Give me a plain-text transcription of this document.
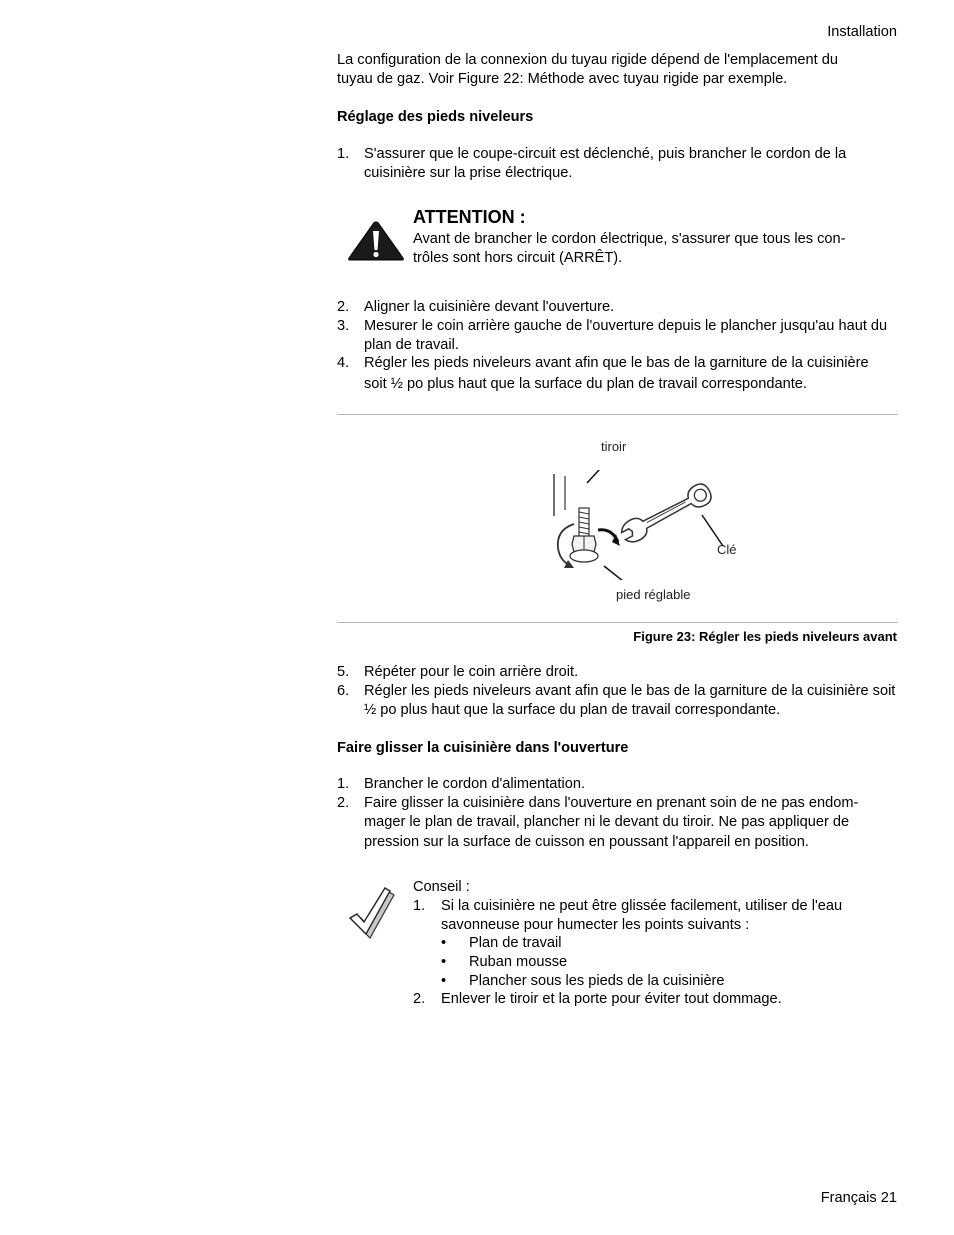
Installation
La configuration de la connexion du tuyau rigide dépend de l'emplacement du
tuyau de gaz. Voir Figure 22: Méthode avec tuyau rigide par exemple.
Réglage des pieds niveleurs
1. S'assurer que le coupe-circuit est déclenché, puis brancher le cordon de la cuisinière sur la prise électrique.
ATTENTION :
Avant de brancher le cordon électrique, s'assurer que tous les con-
trôles sont hors circuit (ARRÊT).
2. Aligner la cuisinière devant l'ouverture.
3. Mesurer le coin arrière gauche de l'ouverture depuis le plancher jusqu'au haut du plan de travail.
4. Régler les pieds niveleurs avant afin que le bas de la garniture de la cuisinière
soit ½ po plus haut que la surface du plan de travail correspondante.
tiroir
Clé
pied réglable
Figure 23: Régler les pieds niveleurs avant
5. Répéter pour le coin arrière droit.
6. Régler les pieds niveleurs avant afin que le bas de la garniture de la cuisinière soit ½ po plus haut que la surface du plan de travail correspondante.
Faire glisser la cuisinière dans l'ouverture
1. Brancher le cordon d'alimentation.
2. Faire glisser la cuisinière dans l'ouverture en prenant soin de ne pas endom-
mager le plan de travail, plancher ni le devant du tiroir. Ne pas appliquer de
pression sur la surface de cuisson en poussant l'appareil en position.
Conseil :
1. Si la cuisinière ne peut être glissée facilement, utiliser de l'eau
savonneuse pour humecter les points suivants :
• Plan de travail
• Ruban mousse
• Plancher sous les pieds de la cuisinière
2. Enlever le tiroir et la porte pour éviter tout dommage.
Français 21
